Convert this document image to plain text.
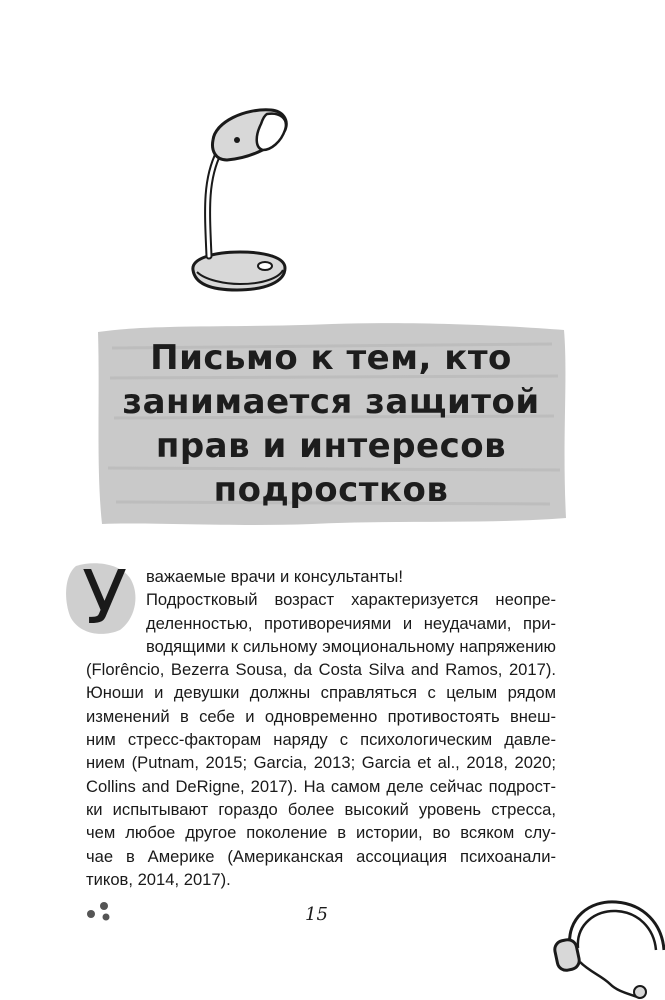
Письмо к тем, кто
занимается защитой
прав и интересов
подростков
У	важаемые врачи и консультанты!
Подростковый возраст характеризуется неопре-
деленностью, противоречиями и неудачами, при-
водящими к сильному эмоциональному напряжению
(Florêncio, Bezerra Sousa, da Costa Silva and Ramos, 2017).
Юноши и девушки должны справляться с целым рядом
изменений в себе и одновременно противостоять внеш-
ним стресс-факторам наряду с психологическим давле-
нием (Putnam, 2015; Garcia, 2013; Garcia et al., 2018, 2020;
Collins and DeRigne, 2017). На самом деле сейчас подрост-
ки испытывают гораздо более высокий уровень стресса,
чем любое другое поколение в истории, во всяком слу-
чае в Америке (Американская ассоциация психоанали-
тиков, 2014, 2017).
15
